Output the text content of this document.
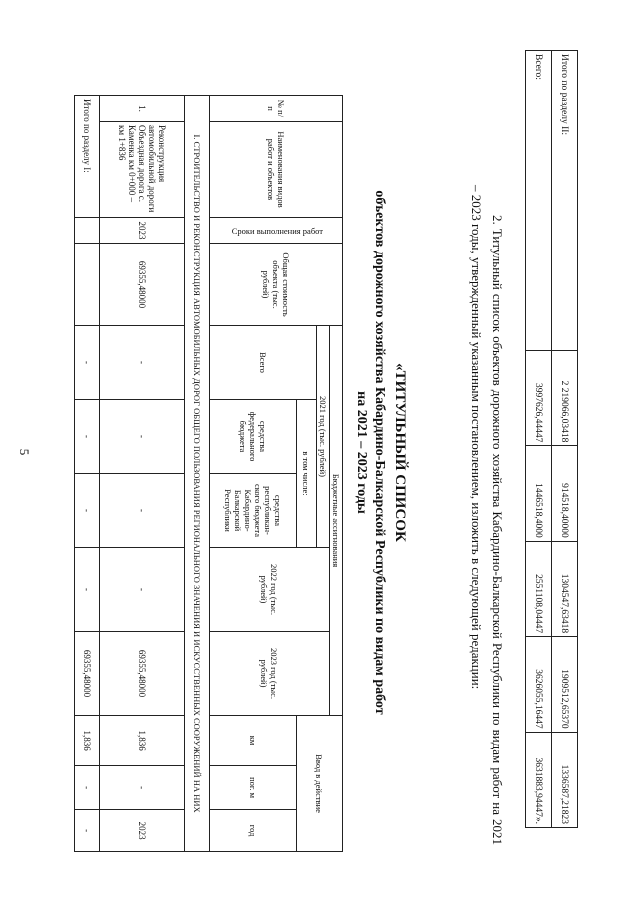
5
Итого по разделу II:	2 219066,03418	914518,40000	1304547,63418	1909512,65370	1336587,21823
Всего:	3997626,44447	1446518,4000	2551108,04447	3626055,16447	3631883,94447».
2. Титульный список объектов дорожного хозяйства Кабардино-Балкарской Республики по видам работ на 2021 – 2023 годы, утвержденный указанным постановлением, изложить в следующей редакции:
«ТИТУЛЬНЫЙ СПИСОК
объектов дорожного хозяйства Кабардино-Балкарской Республики по видам работ
на 2021 – 2023 годы
№ п/п	Наименования видов работ и объектов	Сроки выполнения работ	Общая стоимость объекта (тыс. рублей)	Бюджетные ассигнования					Ввод в действие		
				2021 год (тыс. рублей)			2022 год (тыс. рублей)	2023 год (тыс. рублей)			
				Всего	в том числе:						
					средства федерального бюджета	средства республикан-ского бюджета Кабардино-Балкарской Республики			км	пог. м	год
I. СТРОИТЕЛЬСТВО И РЕКОНСТРУКЦИЯ АВТОМОБИЛЬНЫХ ДОРОГ ОБЩЕГО ПОЛЬЗОВАНИЯ РЕГИОНАЛЬНОГО ЗНАЧЕНИЯ И ИСКУССТВЕННЫХ СООРУЖЕНИЙ НА НИХ											
1.	Реконструкция автомобильной дороги Объездная дорога с. Каменка км 0+000 – км 1+836	2023	69355,48000	-	-	-	-	69355,48000	1,836	-	2023
Итого по разделу I:				-	-	-	-	69355,48000	1,836	-	-
